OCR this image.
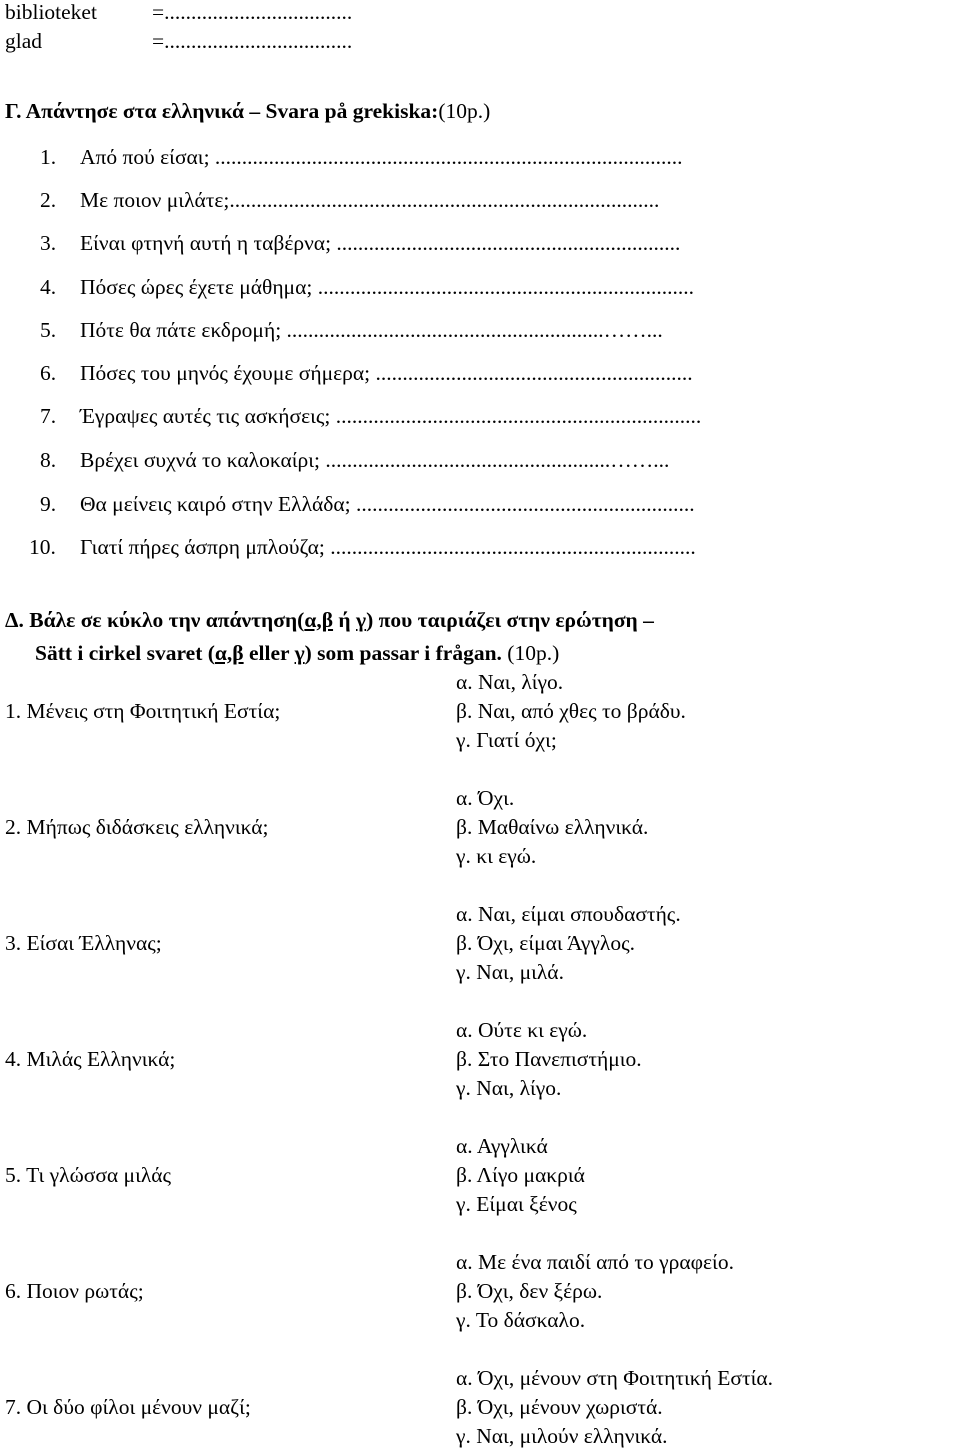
biblioteket	=...................................
glad	=...................................
Γ. Απάντησε στα ελληνικά – Svara på grekiska:(10p.)
1. Από πού είσαι; .......................................................................................
2. Με ποιον μιλάτε;................................................................................
3. Είναι φτηνή αυτή η ταβέρνα; ................................................................
4. Πόσες ώρες έχετε μάθημα; ......................................................................
5. Πότε θα πάτε εκδρομή; ...........................................................……...
6. Πόσες του μηνός έχουμε σήμερα; ...........................................................
7. Έγραψες αυτές τις ασκήσεις; ....................................................................
8. Βρέχει συχνά το καλοκαίρι; .....................................................……...
9. Θα μείνεις καιρό στην Ελλάδα; ...............................................................
10. Γιατί πήρες άσπρη μπλούζα; ....................................................................
Δ. Βάλε σε κύκλο την απάντηση(α,β ή γ) που ταιριάζει στην ερώτηση –
Sätt i cirkel svaret (α,β eller γ) som passar i frågan. (10p.)
α. Ναι, λίγο.
1. Μένεις στη Φοιτητική Εστία;	β. Ναι, από χθες το βράδυ.
γ. Γιατί όχι;
α. Όχι.
2. Μήπως διδάσκεις ελληνικά;	β. Μαθαίνω ελληνικά.
γ. κι εγώ.
α. Ναι, είμαι σπουδαστής.
3. Είσαι Έλληνας;	β. Όχι, είμαι Άγγλος.
γ. Ναι, μιλά.
α. Ούτε κι εγώ.
4. Μιλάς Ελληνικά;	β. Στο Πανεπιστήμιο.
γ. Ναι, λίγο.
α. Αγγλικά
5. Τι γλώσσα μιλάς	β. Λίγο μακριά
γ. Είμαι ξένος
α. Με ένα παιδί από το γραφείο.
6. Ποιον ρωτάς;	β. Όχι, δεν ξέρω.
γ. Το δάσκαλο.
α. Όχι, μένουν στη Φοιτητική Εστία.
7. Οι δύο φίλοι μένουν μαζί;	β. Όχι, μένουν χωριστά.
γ. Ναι, μιλούν ελληνικά.
